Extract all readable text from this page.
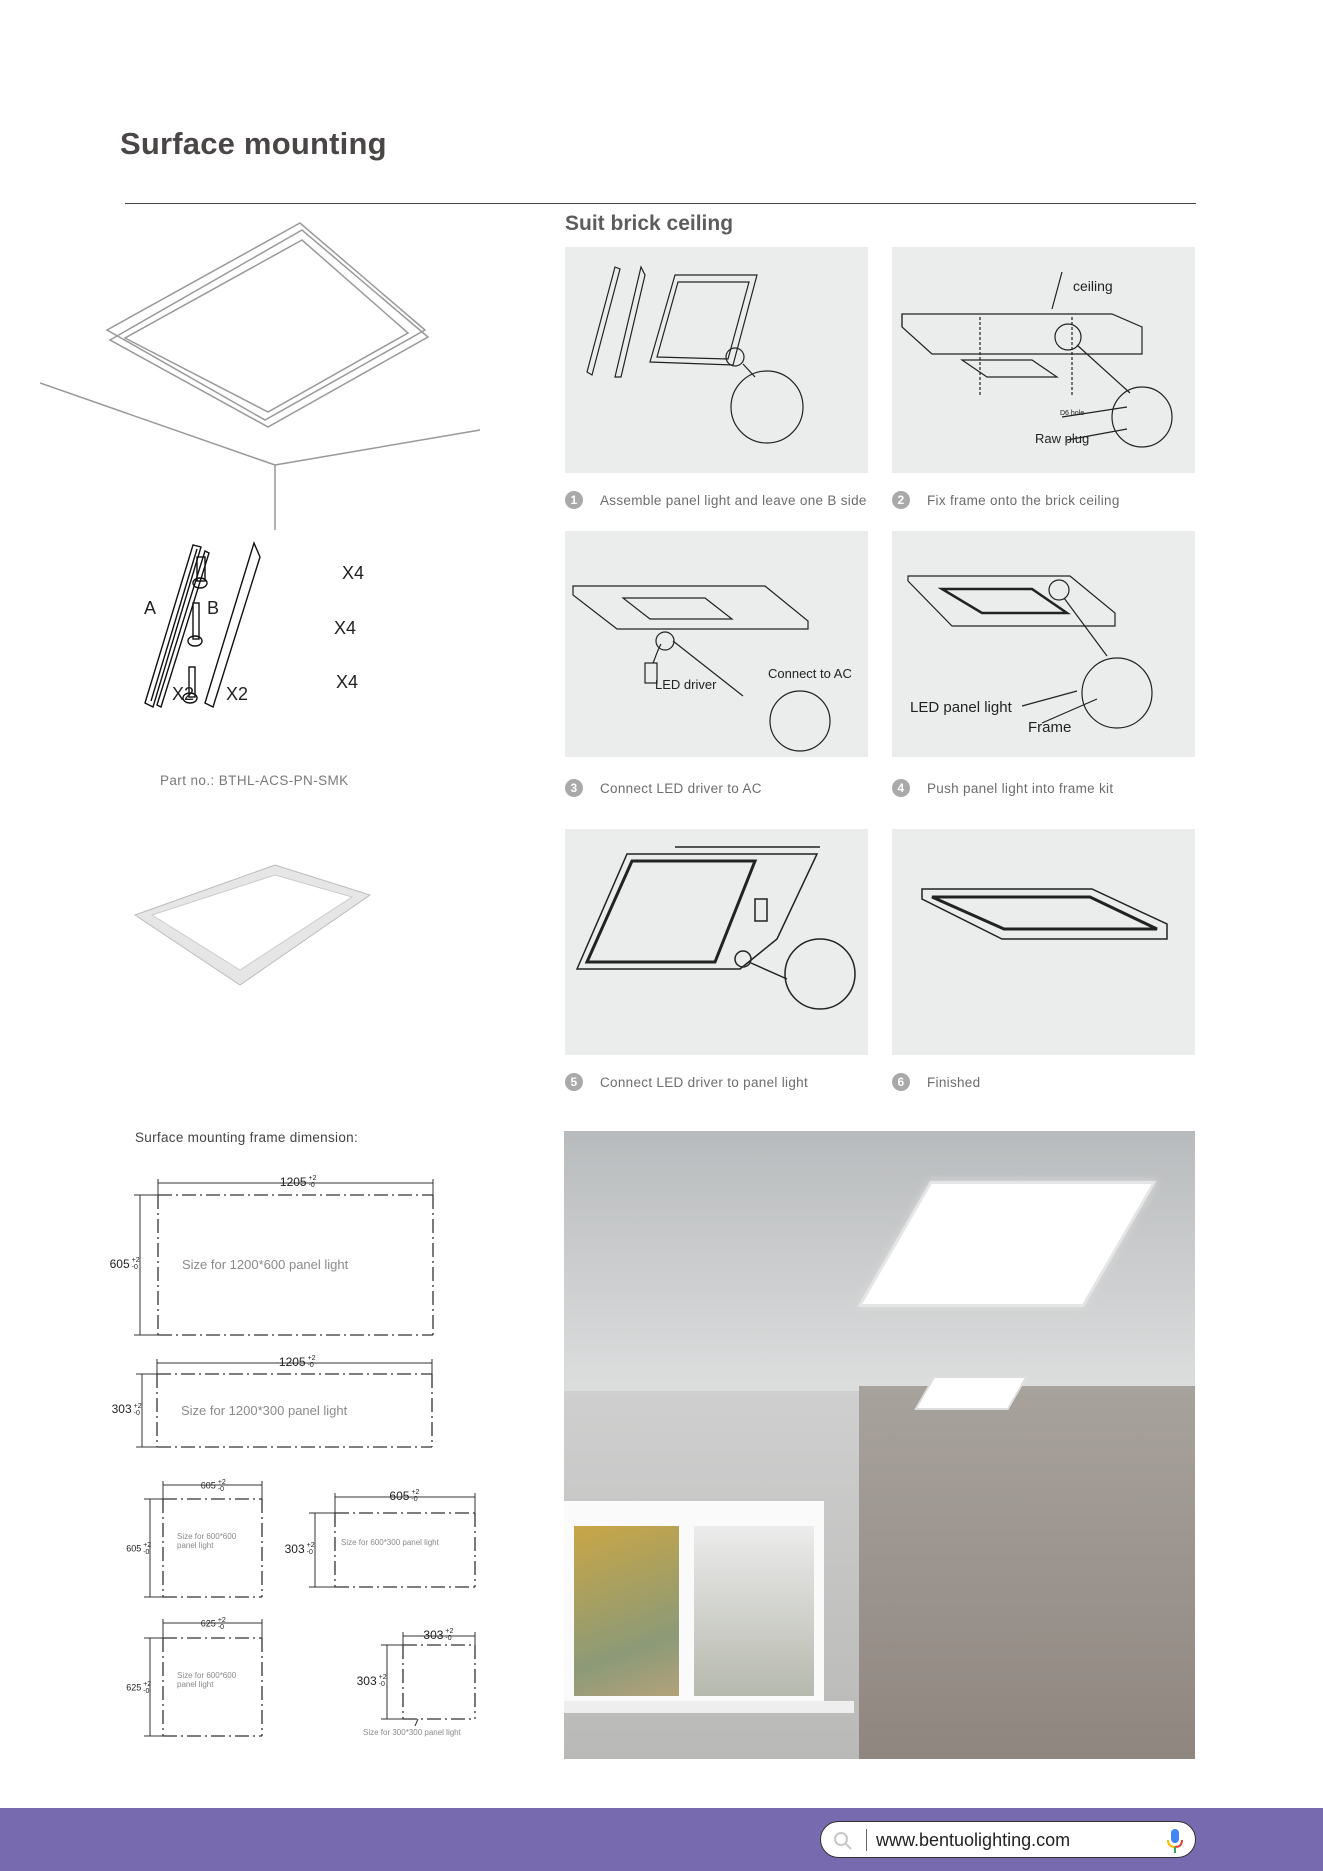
Surface mounting
Suit brick ceiling
A	B
X2 X2
X4
X4
X4
Part no.: BTHL-ACS-PN-SMK
ceiling
D6 hole
Raw plug
1	Assemble panel light and leave one B side	2	Fix frame onto the brick ceiling
LED driver
Connect to AC
LED panel light
Frame
3	Connect LED driver to AC	4	Push panel light into frame kit
5	Connect LED driver to panel light	6	Finished
Surface mounting frame dimension:
1205 +2
-0
605 +2
-0	Size for 1200*600 panel light
1205 +2
-0
303 +2
-0	Size for 1200*300 panel light
605 +2
-0
605 +2
-0
Size for 600*600 panel light
605 +2
-0
303 +2
-0
Size for 600*300 panel light
625 +2
-0
625 +2
-0
Size for 600*600 panel light
303 +2
-0
303 +2
-0
Size for 300*300 panel light
www.bentuolighting.com
